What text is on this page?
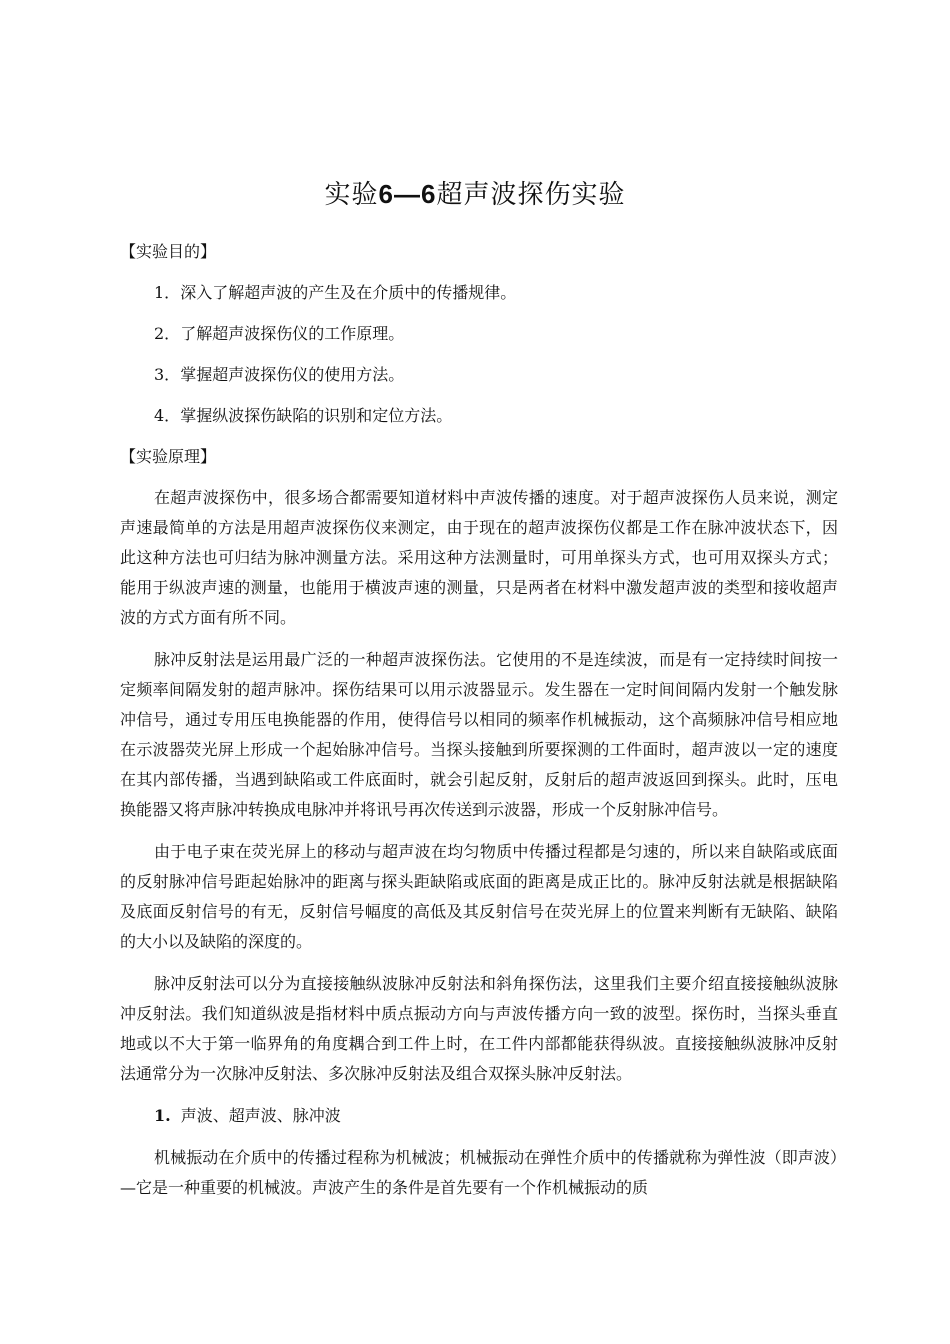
实验6—6超声波探伤实验

【实验目的】

1．深入了解超声波的产生及在介质中的传播规律。

2．了解超声波探伤仪的工作原理。

3．掌握超声波探伤仪的使用方法。

4．掌握纵波探伤缺陷的识别和定位方法。

【实验原理】

在超声波探伤中，很多场合都需要知道材料中声波传播的速度。对于超声波探伤人员来说，测定声速最简单的方法是用超声波探伤仪来测定，由于现在的超声波探伤仪都是工作在脉冲波状态下，因此这种方法也可归结为脉冲测量方法。采用这种方法测量时，可用单探头方式，也可用双探头方式；能用于纵波声速的测量，也能用于横波声速的测量，只是两者在材料中激发超声波的类型和接收超声波的方式方面有所不同。

脉冲反射法是运用最广泛的一种超声波探伤法。它使用的不是连续波，而是有一定持续时间按一定频率间隔发射的超声脉冲。探伤结果可以用示波器显示。发生器在一定时间间隔内发射一个触发脉冲信号，通过专用压电换能器的作用，使得信号以相同的频率作机械振动，这个高频脉冲信号相应地在示波器荧光屏上形成一个起始脉冲信号。当探头接触到所要探测的工件面时，超声波以一定的速度在其内部传播，当遇到缺陷或工件底面时，就会引起反射，反射后的超声波返回到探头。此时，压电换能器又将声脉冲转换成电脉冲并将讯号再次传送到示波器，形成一个反射脉冲信号。

由于电子束在荧光屏上的移动与超声波在均匀物质中传播过程都是匀速的，所以来自缺陷或底面的反射脉冲信号距起始脉冲的距离与探头距缺陷或底面的距离是成正比的。脉冲反射法就是根据缺陷及底面反射信号的有无，反射信号幅度的高低及其反射信号在荧光屏上的位置来判断有无缺陷、缺陷的大小以及缺陷的深度的。

脉冲反射法可以分为直接接触纵波脉冲反射法和斜角探伤法，这里我们主要介绍直接接触纵波脉冲反射法。我们知道纵波是指材料中质点振动方向与声波传播方向一致的波型。探伤时，当探头垂直地或以不大于第一临界角的角度耦合到工件上时，在工件内部都能获得纵波。直接接触纵波脉冲反射法通常分为一次脉冲反射法、多次脉冲反射法及组合双探头脉冲反射法。

1. 声波、超声波、脉冲波

机械振动在介质中的传播过程称为机械波；机械振动在弹性介质中的传播就称为弹性波（即声波）—它是一种重要的机械波。声波产生的条件是首先要有一个作机械振动的质
